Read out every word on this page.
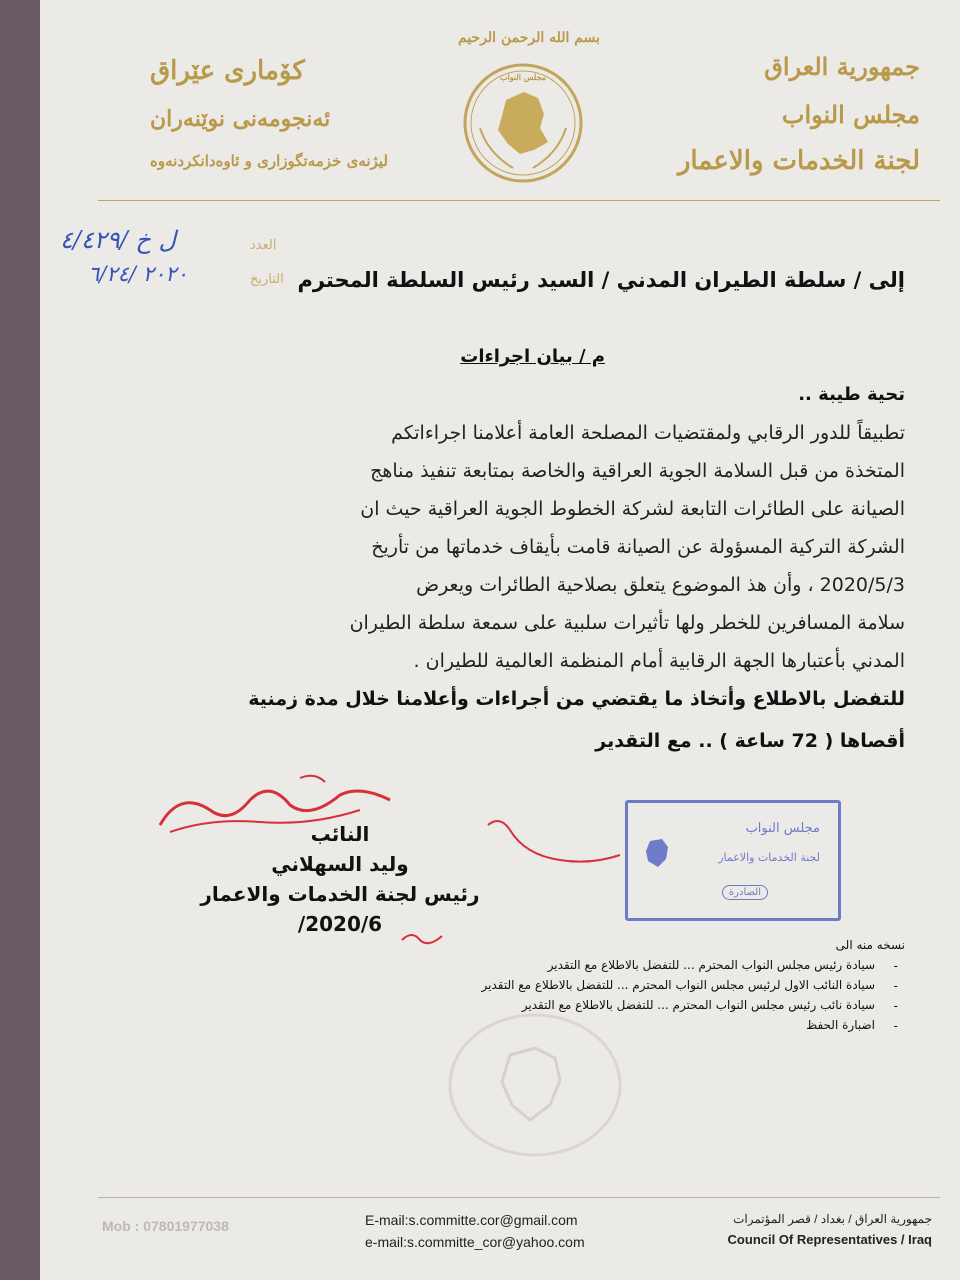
جمهورية العراق
مجلس النواب
لجنة الخدمات والاعمار
كۆماری عێراق
ئەنجومەنی نوێنەران
لیژنەی خزمەتگوزاری و ئاوەدانکردنەوە
بسم الله الرحمن الرحيم
مجلس النواب
العدد
التاريخ
ل خ /٤/٤٢٩
٢٠٢٠ /٦/٢٤	إلى / سلطة الطيران المدني / السيد رئيس السلطة المحترم
م / بيان اجراءات
تحية طيبة ..
تطبيقاً للدور الرقابي ولمقتضيات المصلحة العامة أعلامنا اجراءاتكم
المتخذة من قبل السلامة الجوية العراقية والخاصة بمتابعة تنفيذ مناهج
الصيانة على الطائرات التابعة لشركة الخطوط الجوية العراقية حيث ان
الشركة التركية المسؤولة عن الصيانة قامت بأيقاف خدماتها من تأريخ
2020/5/3 ، وأن هذ الموضوع يتعلق بصلاحية الطائرات ويعرض
سلامة المسافرين للخطر ولها تأثيرات سلبية على سمعة سلطة الطيران
المدني بأعتبارها الجهة الرقابية أمام المنظمة العالمية للطيران .
للتفضل بالاطلاع وأتخاذ ما يقتضي من أجراءات وأعلامنا خلال مدة زمنية
أقصاها ( 72 ساعة ) .. مع التقدير
النائب
وليد السهلاني
رئيس لجنة الخدمات والاعمار
2020/6/
مجلس النواب
لجنة الخدمات والاعمار
الصادرة
نسخه منه الى
سيادة رئيس مجلس النواب المحترم ... للتفضل بالاطلاع مع التقدير
سيادة النائب الاول لرئيس مجلس النواب المحترم ... للتفضل بالاطلاع مع التقدير
سيادة نائب رئيس مجلس النواب المحترم ... للتفضل بالاطلاع مع التقدير
اضبارة الحفظ
-
-
-
-
Mob : 07801977038	E-mail:s.committe.cor@gmail.com
e-mail:s.committe_cor@yahoo.com
جمهورية العراق / بغداد / قصر المؤتمرات
Council Of Representatives / Iraq
